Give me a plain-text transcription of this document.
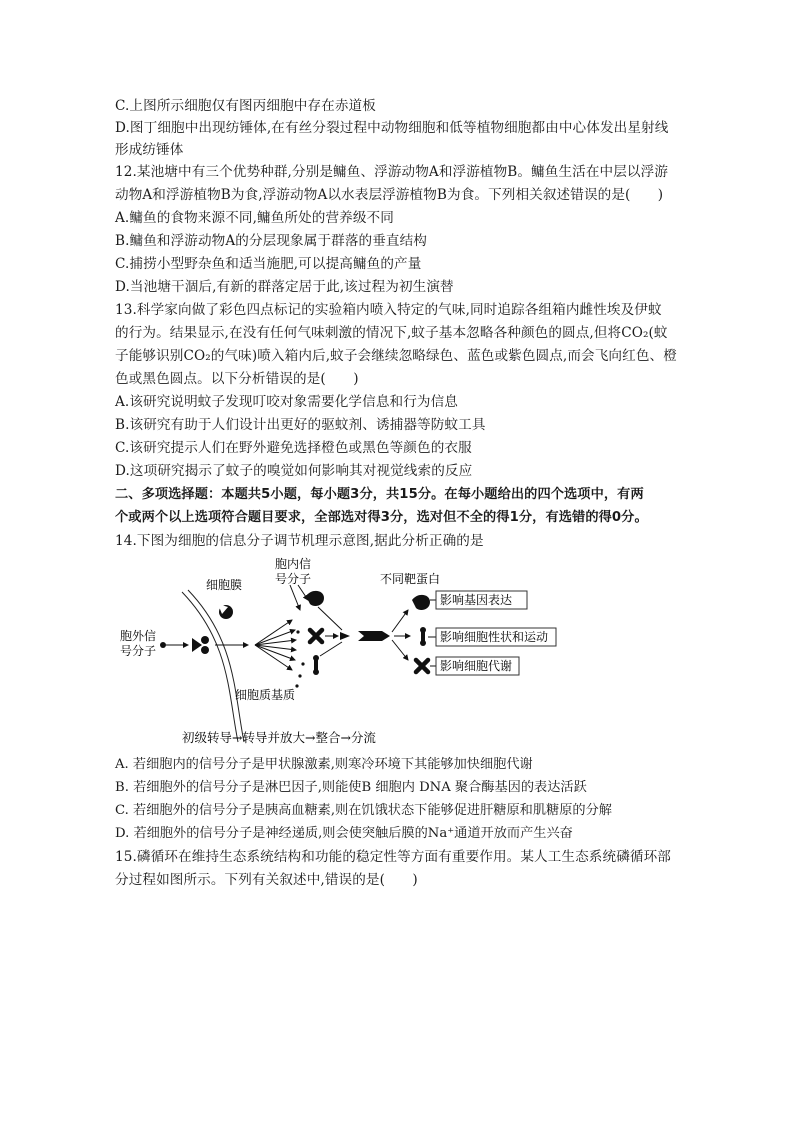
C.上图所示细胞仅有图丙细胞中存在赤道板
D.图丁细胞中出现纺锤体,在有丝分裂过程中动物细胞和低等植物细胞都由中心体发出星射线
形成纺锤体
12.某池塘中有三个优势种群,分别是鳙鱼、浮游动物A和浮游植物B。鳙鱼生活在中层以浮游
动物A和浮游植物B为食,浮游动物A以水表层浮游植物B为食。下列相关叙述错误的是(　　)
A.鳙鱼的食物来源不同,鳙鱼所处的营养级不同
B.鳙鱼和浮游动物A的分层现象属于群落的垂直结构
C.捕捞小型野杂鱼和适当施肥,可以提高鳙鱼的产量
D.当池塘干涸后,有新的群落定居于此,该过程为初生演替
13.科学家向做了彩色四点标记的实验箱内喷入特定的气味,同时追踪各组箱内雌性埃及伊蚊
的行为。结果显示,在没有任何气味刺激的情况下,蚊子基本忽略各种颜色的圆点,但将CO₂(蚊
子能够识别CO₂的气味)喷入箱内后,蚊子会继续忽略绿色、蓝色或紫色圆点,而会飞向红色、橙
色或黑色圆点。以下分析错误的是(　　)
A.该研究说明蚊子发现叮咬对象需要化学信息和行为信息
B.该研究有助于人们设计出更好的驱蚊剂、诱捕器等防蚊工具
C.该研究提示人们在野外避免选择橙色或黑色等颜色的衣服
D.这项研究揭示了蚊子的嗅觉如何影响其对视觉线索的反应
二、多项选择题：本题共5小题，每小题3分，共15分。在每小题给出的四个选项中，有两
个或两个以上选项符合题目要求，全部选对得3分，选对但不全的得1分，有选错的得0分。
14.下图为细胞的信息分子调节机理示意图,据此分析正确的是
细胞膜
胞内信
号分子	不同靶蛋白
胞外信
号分子
细胞质基质
影响基因表达
影响细胞性状和运动
影响细胞代谢
初级转导→转导并放大→整合→分流
A. 若细胞内的信号分子是甲状腺激素,则寒冷环境下其能够加快细胞代谢
B. 若细胞外的信号分子是淋巴因子,则能使B 细胞内 DNA 聚合酶基因的表达活跃
C. 若细胞外的信号分子是胰高血糖素,则在饥饿状态下能够促进肝糖原和肌糖原的分解
D. 若细胞外的信号分子是神经递质,则会使突触后膜的Na⁺通道开放而产生兴奋
15.磷循环在维持生态系统结构和功能的稳定性等方面有重要作用。某人工生态系统磷循环部
分过程如图所示。下列有关叙述中,错误的是(　　)
